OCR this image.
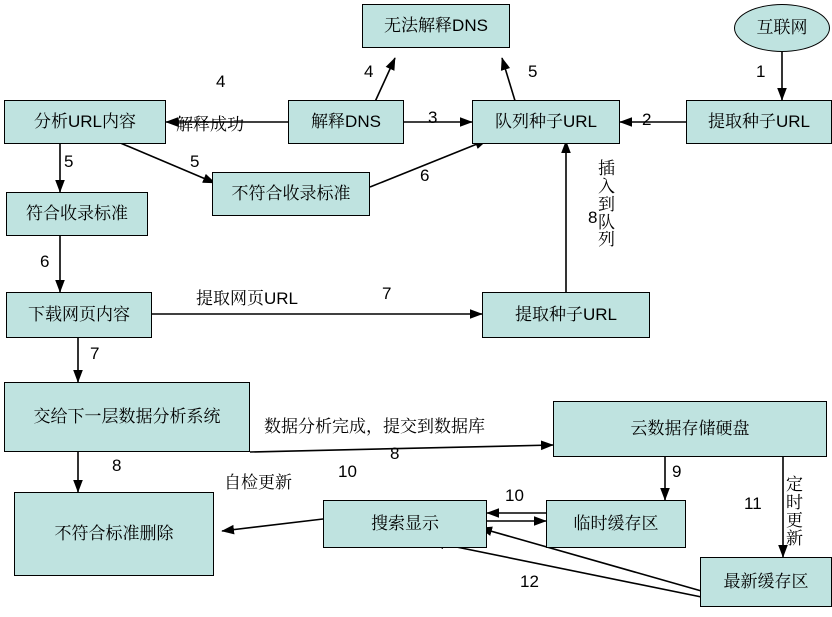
互联网
提取种子URL
无法解释DNS
队列种子URL
解释DNS
分析URL内容
不符合收录标准
符合收录标准
下载网页内容	提取种子URL
交给下一层数据分析系统
云数据存储硬盘
不符合标准删除
搜索显示	临时缓存区
最新缓存区
1
2
3
4
4
5
5
5
6
6
7
7
8
8
8
9
10
10	11
12
解释成功
插入到队列
提取网页URL
数据分析完成，提交到数据库
自检更新	定时更新
